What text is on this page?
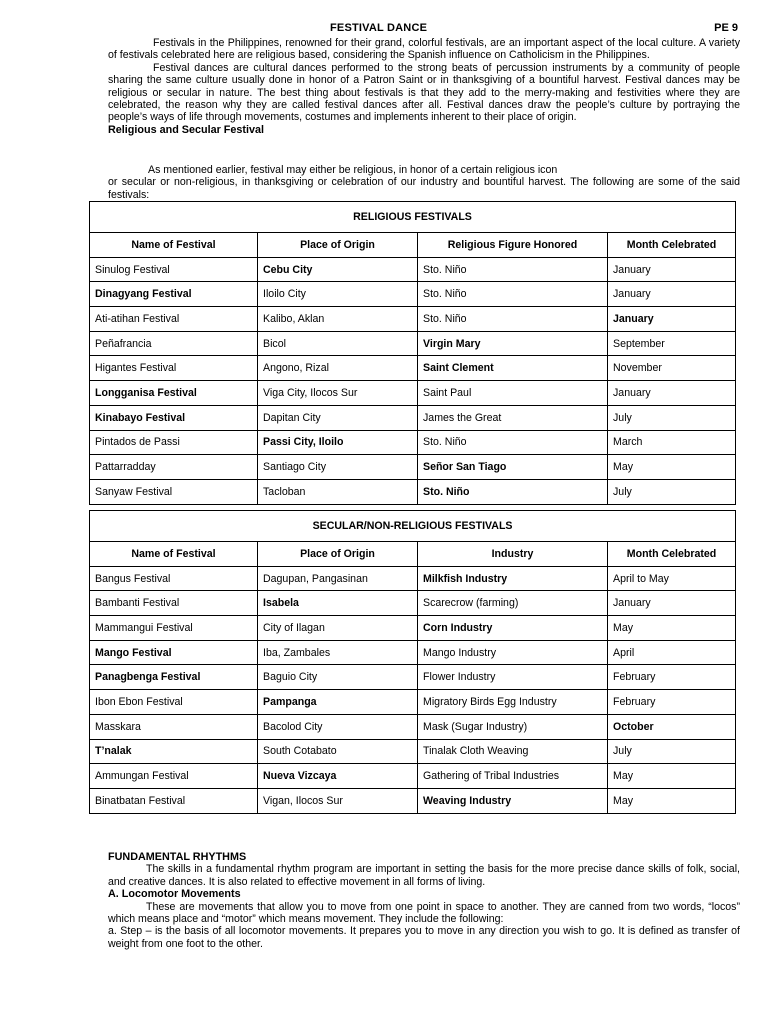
FESTIVAL DANCE	PE 9

Festivals in the Philippines, renowned for their grand, colorful festivals, are an important aspect of the local culture. A variety of festivals celebrated here are religious based, considering the Spanish influence on Catholicism in the Philippines.

Festival dances are cultural dances performed to the strong beats of percussion instruments by a community of people sharing the same culture usually done in honor of a Patron Saint or in thanksgiving of a bountiful harvest. Festival dances may be religious or secular in nature. The best thing about festivals is that they add to the merry-making and festivities where they are celebrated, the reason why they are called festival dances after all. Festival dances draw the people’s culture by portraying the people’s ways of life through movements, costumes and implements inherent to their place of origin.

Religious and Secular Festival

As mentioned earlier, festival may either be religious, in honor of a certain religious icon

or secular or non-religious, in thanksgiving or celebration of our industry and bountiful harvest. The following are some of the said festivals:

RELIGIOUS FESTIVALS			
Name of Festival	Place of Origin	Religious Figure Honored	Month Celebrated
Sinulog Festival	Cebu City	Sto. Niño	January
Dinagyang Festival	Iloilo City	Sto. Niño	January
Ati-atihan Festival	Kalibo, Aklan	Sto. Niño	January
Peñafrancia	Bicol	Virgin Mary	September
Higantes Festival	Angono, Rizal	Saint Clement	November
Longganisa Festival	Viga City, Ilocos Sur	Saint Paul	January
Kinabayo Festival	Dapitan City	James the Great	July
Pintados de Passi	Passi City, Iloilo	Sto. Niño	March
Pattarradday	Santiago City	Señor San Tiago	May
Sanyaw Festival	Tacloban	Sto. Niño	July
SECULAR/NON-RELIGIOUS FESTIVALS			
Name of Festival	Place of Origin	Industry	Month Celebrated
Bangus Festival	Dagupan, Pangasinan	Milkfish Industry	April to May
Bambanti Festival	Isabela	Scarecrow (farming)	January
Mammangui Festival	City of Ilagan	Corn Industry	May
Mango Festival	Iba, Zambales	Mango Industry	April
Panagbenga Festival	Baguio City	Flower Industry	February
Ibon Ebon Festival	Pampanga	Migratory Birds Egg Industry	February
Masskara	Bacolod City	Mask (Sugar Industry)	October
T’nalak	South Cotabato	Tinalak Cloth Weaving	July
Ammungan Festival	Nueva Vizcaya	Gathering of Tribal Industries	May
Binatbatan Festival	Vigan, Ilocos Sur	Weaving Industry	May

FUNDAMENTAL RHYTHMS

The skills in a fundamental rhythm program are important in setting the basis for the more precise dance skills of folk, social, and creative dances. It is also related to effective movement in all forms of living.

A. Locomotor Movements

These are movements that allow you to move from one point in space to another. They are canned from two words, “locos” which means place and “motor” which means movement. They include the following:

a. Step – is the basis of all locomotor movements. It prepares you to move in any direction you wish to go. It is defined as transfer of weight from one foot to the other.
